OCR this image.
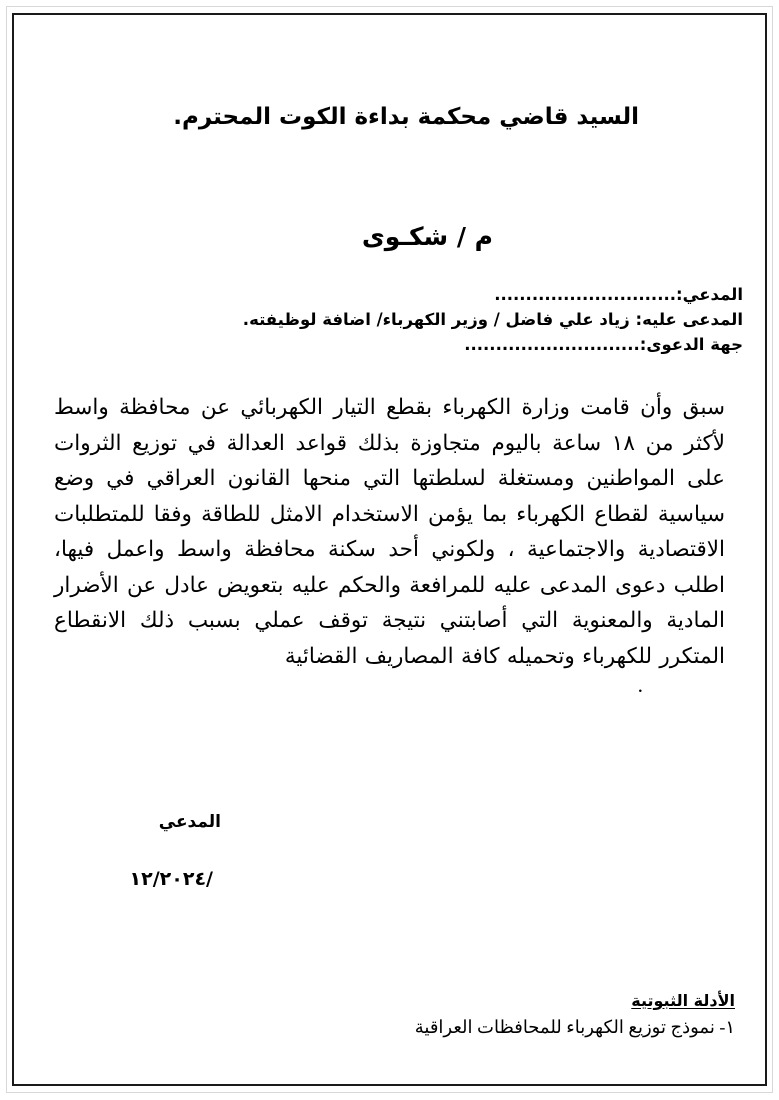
السيد قاضي محكمة بداءة الكوت المحترم.
م / شكـوى
المدعي:.............................
المدعى عليه: زياد علي فاضل / وزير الكهرباء/ اضافة لوظيفته.
جهة الدعوى:............................
سبق وأن قامت وزارة الكهرباء بقطع التيار الكهربائي عن محافظة واسط لأكثر من ١٨ ساعة باليوم متجاوزة بذلك قواعد العدالة في توزيع الثروات على المواطنين ومستغلة لسلطتها التي منحها القانون العراقي في وضع سياسية لقطاع الكهرباء بما يؤمن الاستخدام الامثل للطاقة وفقا للمتطلبات الاقتصادية والاجتماعية ، ولكوني أحد سكنة محافظة واسط واعمل فيها، اطلب دعوى المدعى عليه للمرافعة والحكم عليه بتعويض عادل عن الأضرار المادية والمعنوية التي أصابتني نتيجة توقف عملي بسبب ذلك الانقطاع المتكرر للكهرباء وتحميله كافة المصاريف القضائية
.
المدعي
/١٢/٢٠٢٤
الأدلة الثبوتية
١- نموذج توزيع الكهرباء للمحافظات العراقية
